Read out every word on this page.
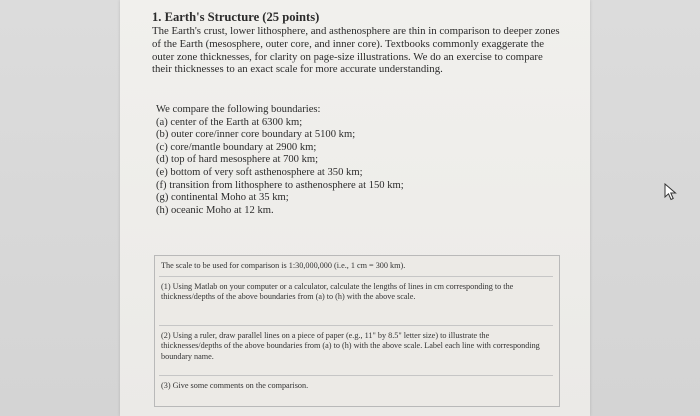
1. Earth's Structure (25 points)

The Earth's crust, lower lithosphere, and asthenosphere are thin in comparison to deeper zones of the Earth (mesosphere, outer core, and inner core). Textbooks commonly exaggerate the outer zone thicknesses, for clarity on page-size illustrations. We do an exercise to compare their thicknesses to an exact scale for more accurate understanding.

We compare the following boundaries:
(a) center of the Earth at 6300 km;
(b) outer core/inner core boundary at 5100 km;
(c) core/mantle boundary at 2900 km;
(d) top of hard mesosphere at 700 km;
(e) bottom of very soft asthenosphere at 350 km;
(f) transition from lithosphere to asthenosphere at 150 km;
(g) continental Moho at 35 km;
(h) oceanic Moho at 12 km.
The scale to be used for comparison is 1:30,000,000 (i.e., 1 cm = 300 km).
(1) Using Matlab on your computer or a calculator, calculate the lengths of lines in cm corresponding to the thickness/depths of the above boundaries from (a) to (h) with the above scale.
(2) Using a ruler, draw parallel lines on a piece of paper (e.g., 11" by 8.5" letter size) to illustrate the thicknesses/depths of the above boundaries from (a) to (h) with the above scale. Label each line with corresponding boundary name.
(3) Give some comments on the comparison.
